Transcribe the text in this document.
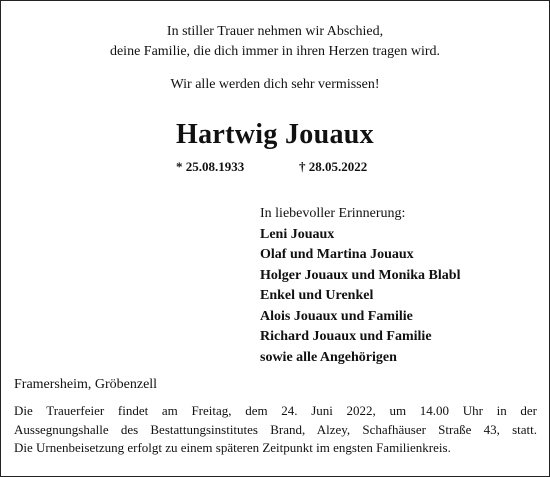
In stiller Trauer nehmen wir Abschied,
deine Familie, die dich immer in ihren Herzen tragen wird.
Wir alle werden dich sehr vermissen!
Hartwig Jouaux
* 25.08.1933	† 28.05.2022
In liebevoller Erinnerung:
Leni Jouaux
Olaf und Martina Jouaux
Holger Jouaux und Monika Blabl
Enkel und Urenkel
Alois Jouaux und Familie
Richard Jouaux und Familie
sowie alle Angehörigen
Framersheim, Gröbenzell
Die Trauerfeier findet am Freitag, dem 24. Juni 2022, um 14.00 Uhr in der
Aussegnungshalle des Bestattungsinstitutes Brand, Alzey, Schafhäuser Straße 43, statt.
Die Urnenbeisetzung erfolgt zu einem späteren Zeitpunkt im engsten Familienkreis.
